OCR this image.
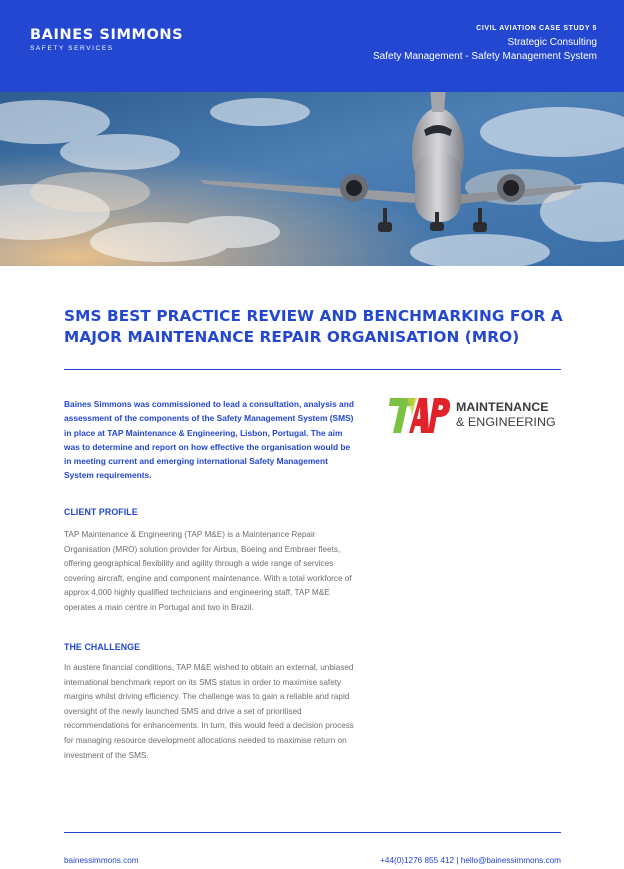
BAINES SIMMONS
SAFETY SERVICES
CIVIL AVIATION CASE STUDY 5
Strategic Consulting
Safety Management - Safety Management System
SMS BEST PRACTICE REVIEW AND BENCHMARKING FOR A MAJOR MAINTENANCE REPAIR ORGANISATION (MRO)

Baines Simmons was commissioned to lead a consultation, analysis and assessment of the components of the Safety Management System (SMS) in place at TAP Maintenance & Engineering, Lisbon, Portugal. The aim was to determine and report on how effective the organisation would be in meeting current and emerging international Safety Management System requirements.

MAINTENANCE
& ENGINEERING
CLIENT PROFILE

TAP Maintenance & Engineering (TAP M&E) is a Maintenance Repair Organisation (MRO) solution provider for Airbus, Boeing and Embraer fleets, offering geographical flexibility and agility through a wide range of services covering aircraft, engine and component maintenance. With a total workforce of approx 4,000 highly qualified technicians and engineering staff, TAP M&E operates a main centre in Portugal and two in Brazil.

THE CHALLENGE

In austere financial conditions, TAP M&E wished to obtain an external, unbiased international benchmark report on its SMS status in order to maximise safety margins whilst driving efficiency. The challenge was to gain a reliable and rapid oversight of the newly launched SMS and drive a set of prioritised recommendations for enhancements. In turn, this would feed a decision process for managing resource development allocations needed to maximise return on investment of the SMS.

bainessimmons.com	+44(0)1276 855 412 | hello@bainessimmons.com
